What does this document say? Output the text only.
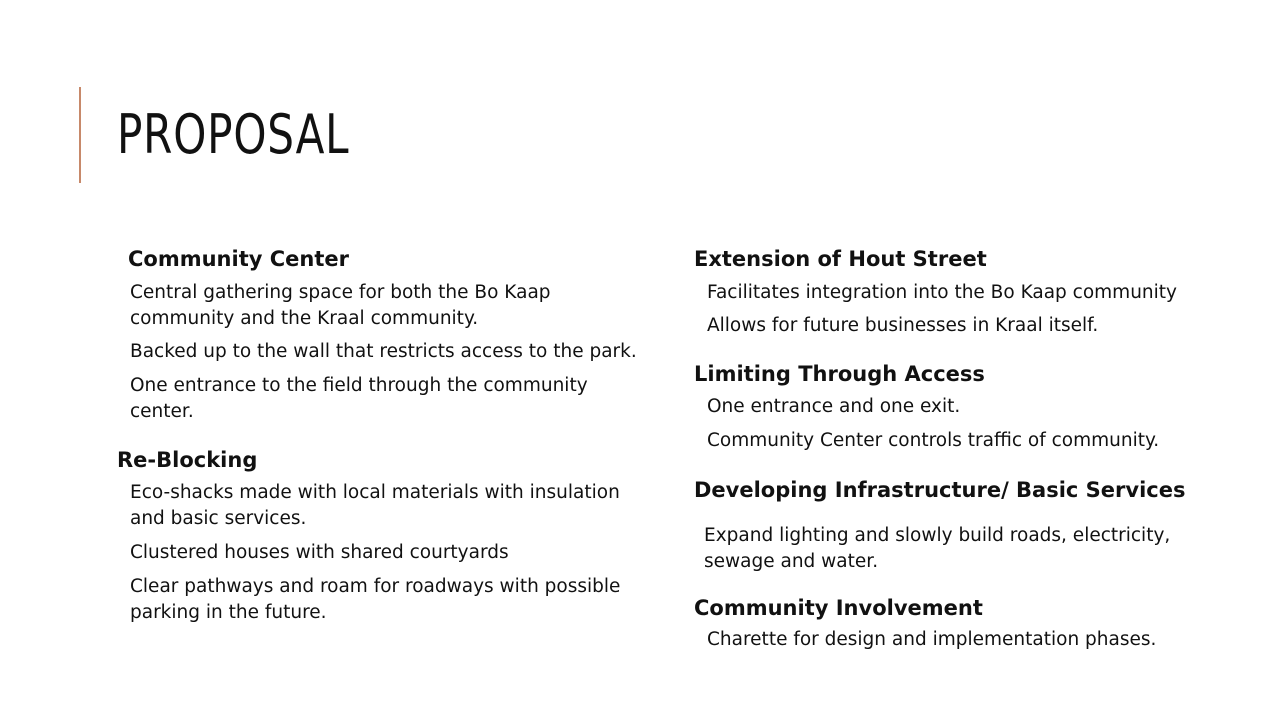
PROPOSAL

Community Center

Central gathering space for both the Bo Kaap community and the Kraal community.

Backed up to the wall that restricts access to the park.

One entrance to the field through the community center.

Re-Blocking

Eco-shacks made with local materials with insulation and basic services.

Clustered houses with shared courtyards

Clear pathways and roam for roadways with possible parking in the future.

Extension of Hout Street

Facilitates integration into the Bo Kaap community

Allows for future businesses in Kraal itself.

Limiting Through Access

One entrance and one exit.

Community Center controls traffic of community.

Developing Infrastructure/ Basic Services

Expand lighting and slowly build roads, electricity, sewage and water.

Community Involvement

Charette for design and implementation phases.
